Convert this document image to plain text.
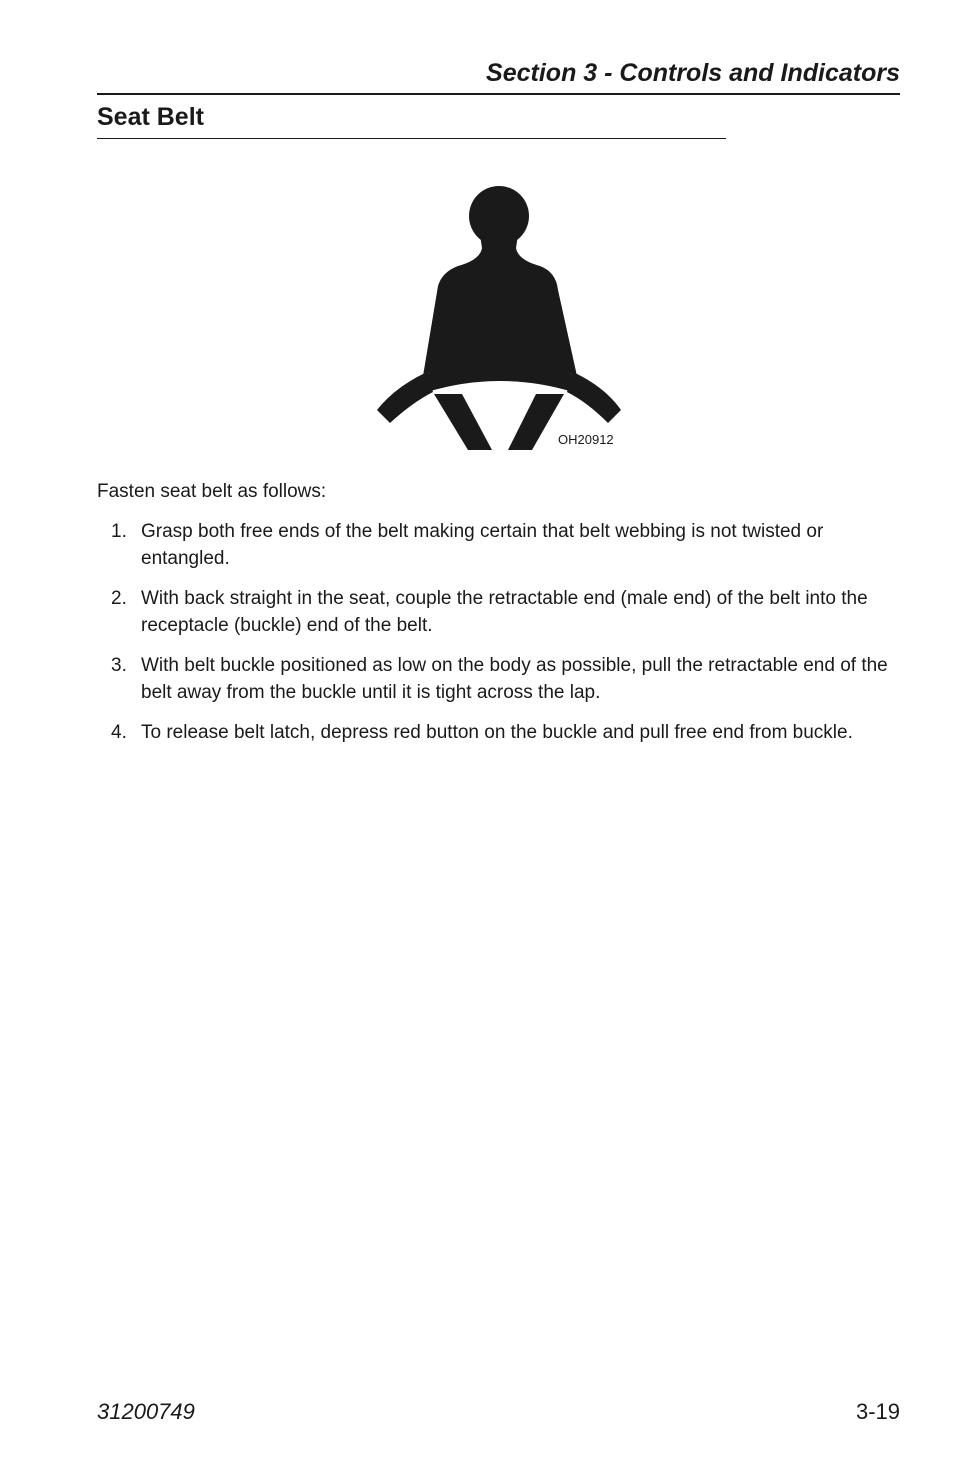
Section 3 - Controls and Indicators
Seat Belt
OH20912

Fasten seat belt as follows:

1. Grasp both free ends of the belt making certain that belt webbing is not twisted or entangled.
2. With back straight in the seat, couple the retractable end (male end) of the belt into the receptacle (buckle) end of the belt.
3. With belt buckle positioned as low on the body as possible, pull the retractable end of the belt away from the buckle until it is tight across the lap.
4. To release belt latch, depress red button on the buckle and pull free end from buckle.
31200749	3-19
